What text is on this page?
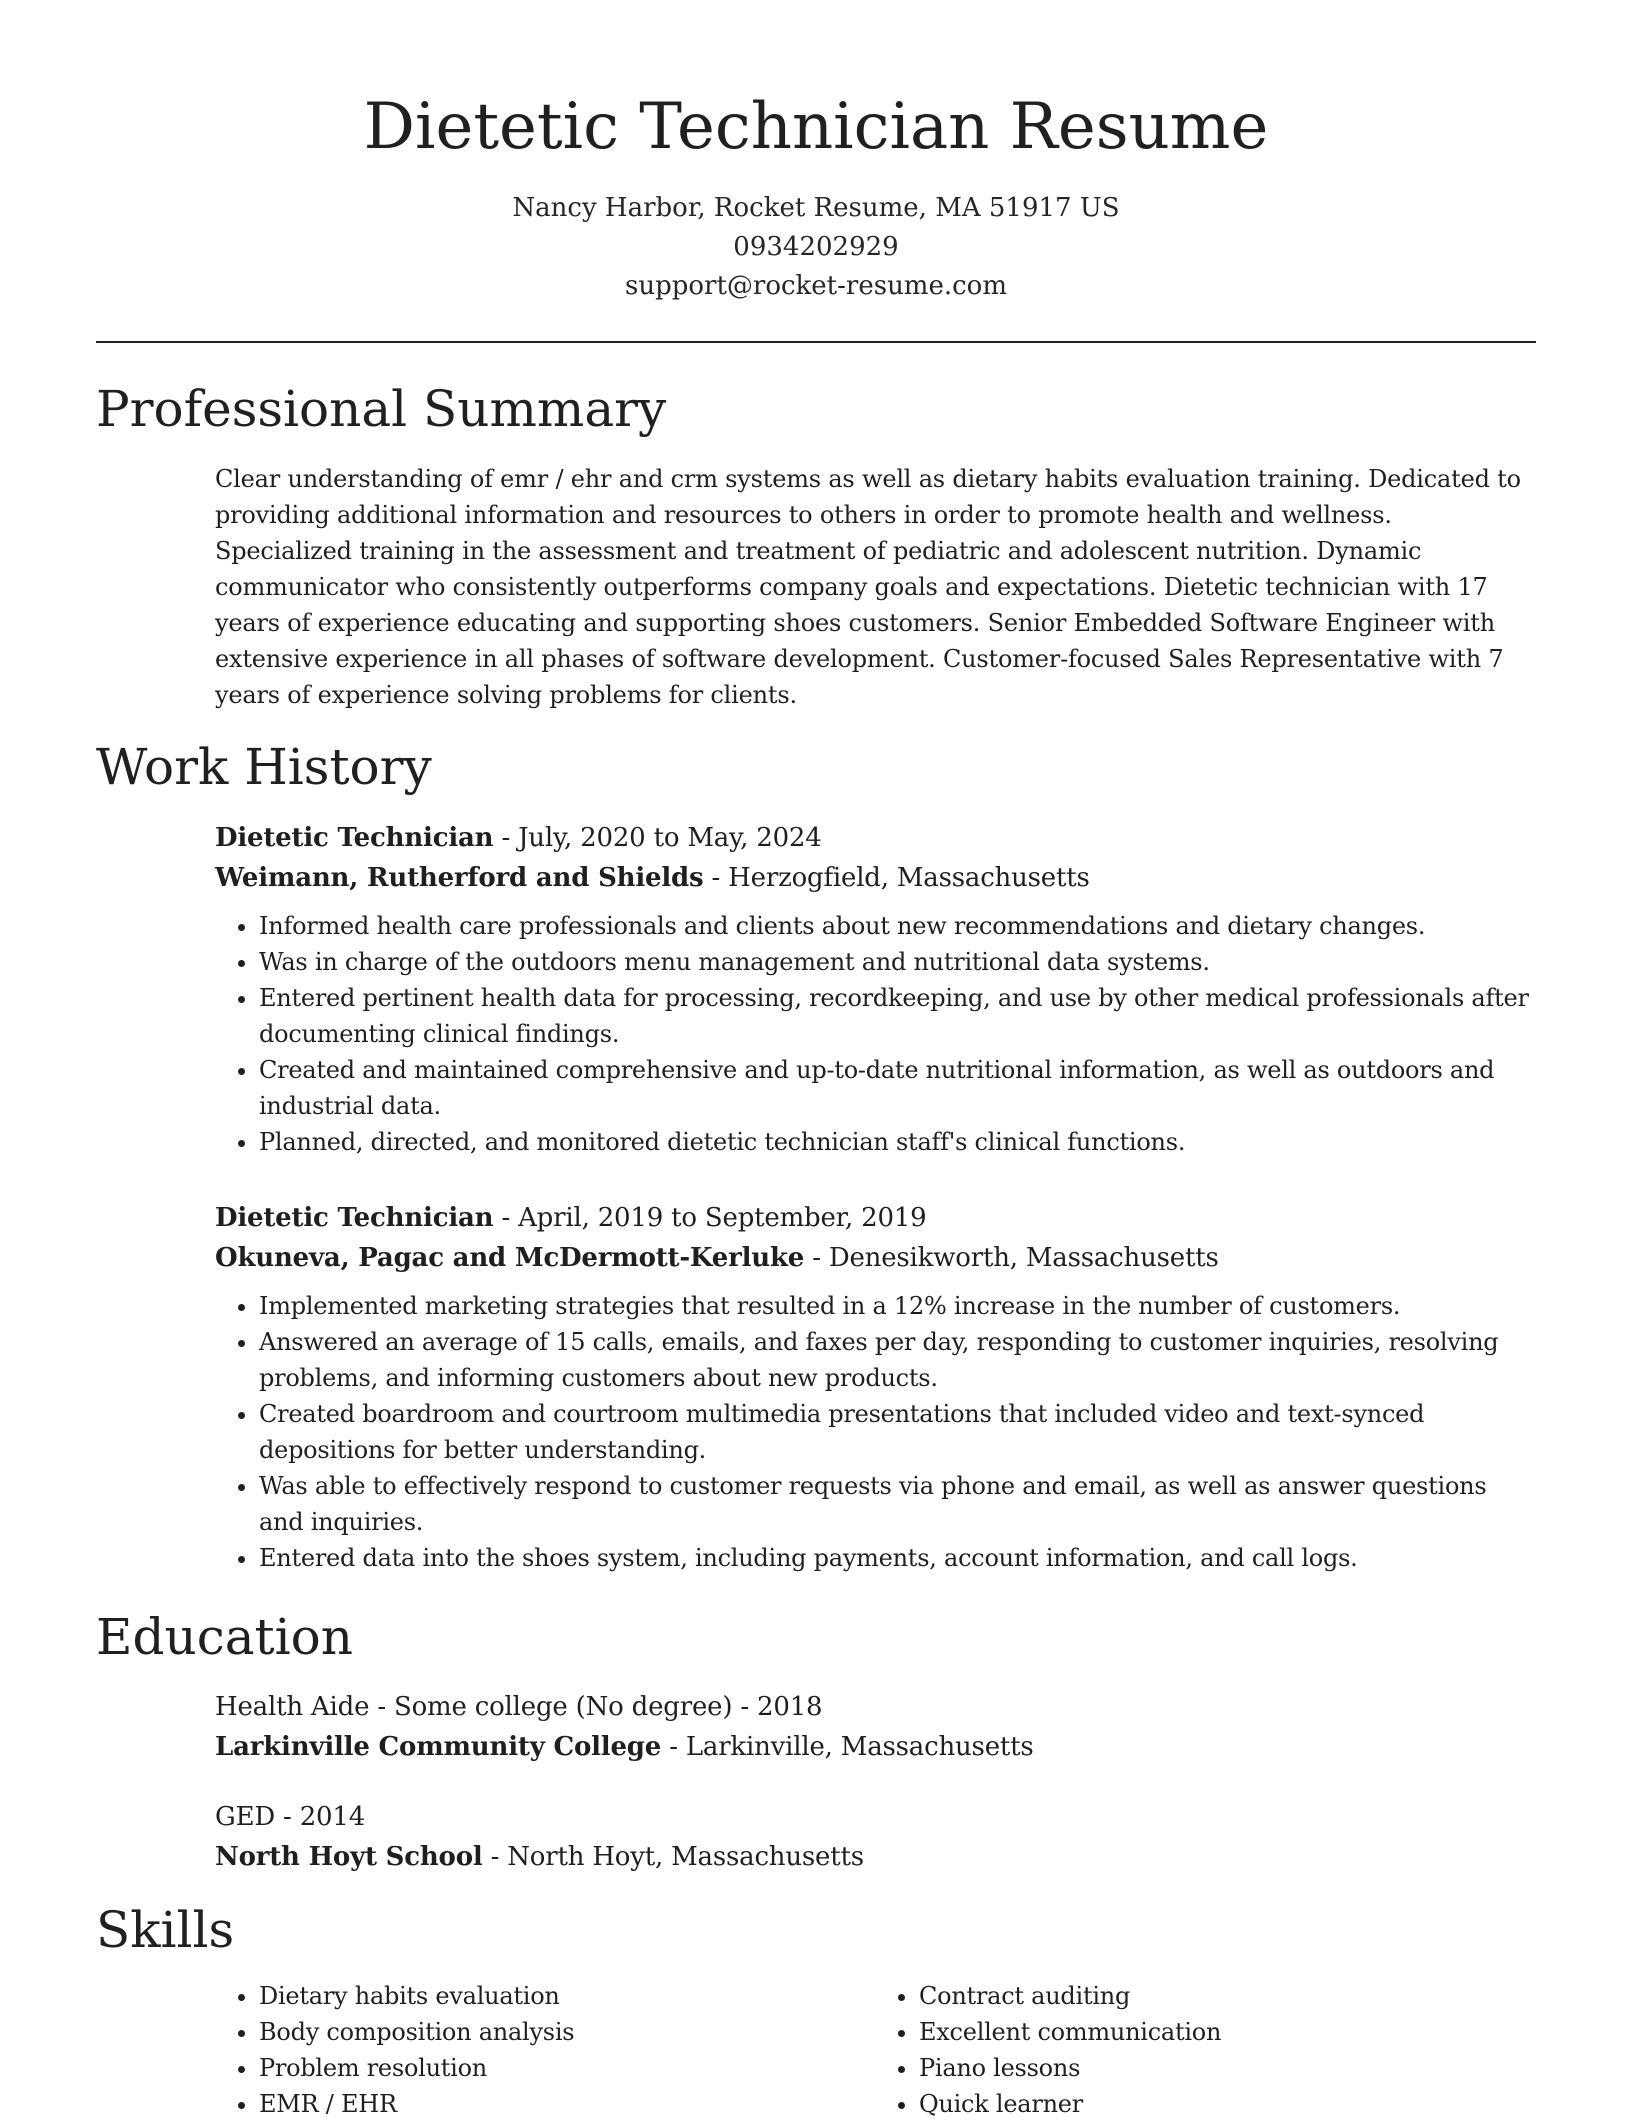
Dietetic Technician Resume
Nancy Harbor, Rocket Resume, MA 51917 US
0934202929
support@rocket-resume.com
Professional Summary

Clear understanding of emr / ehr and crm systems as well as dietary habits evaluation training. Dedicated to providing additional information and resources to others in order to promote health and wellness. Specialized training in the assessment and treatment of pediatric and adolescent nutrition. Dynamic communicator who consistently outperforms company goals and expectations. Dietetic technician with 17 years of experience educating and supporting shoes customers. Senior Embedded Software Engineer with extensive experience in all phases of software development. Customer-focused Sales Representative with 7 years of experience solving problems for clients.

Work History
Dietetic Technician - July, 2020 to May, 2024
Weimann, Rutherford and Shields - Herzogfield, Massachusetts
• Informed health care professionals and clients about new recommendations and dietary changes.
• Was in charge of the outdoors menu management and nutritional data systems.
• Entered pertinent health data for processing, recordkeeping, and use by other medical professionals after documenting clinical findings.
• Created and maintained comprehensive and up-to-date nutritional information, as well as outdoors and industrial data.
• Planned, directed, and monitored dietetic technician staff's clinical functions.
Dietetic Technician - April, 2019 to September, 2019
Okuneva, Pagac and McDermott-Kerluke - Denesikworth, Massachusetts
• Implemented marketing strategies that resulted in a 12% increase in the number of customers.
• Answered an average of 15 calls, emails, and faxes per day, responding to customer inquiries, resolving problems, and informing customers about new products.
• Created boardroom and courtroom multimedia presentations that included video and text-synced depositions for better understanding.
• Was able to effectively respond to customer requests via phone and email, as well as answer questions and inquiries.
• Entered data into the shoes system, including payments, account information, and call logs.
Education
Health Aide - Some college (No degree) - 2018
Larkinville Community College - Larkinville, Massachusetts
GED - 2014
North Hoyt School - North Hoyt, Massachusetts
Skills
• Dietary habits evaluation
• Body composition analysis
• Problem resolution
• EMR / EHR
• Contract auditing
• Excellent communication
• Piano lessons
• Quick learner
